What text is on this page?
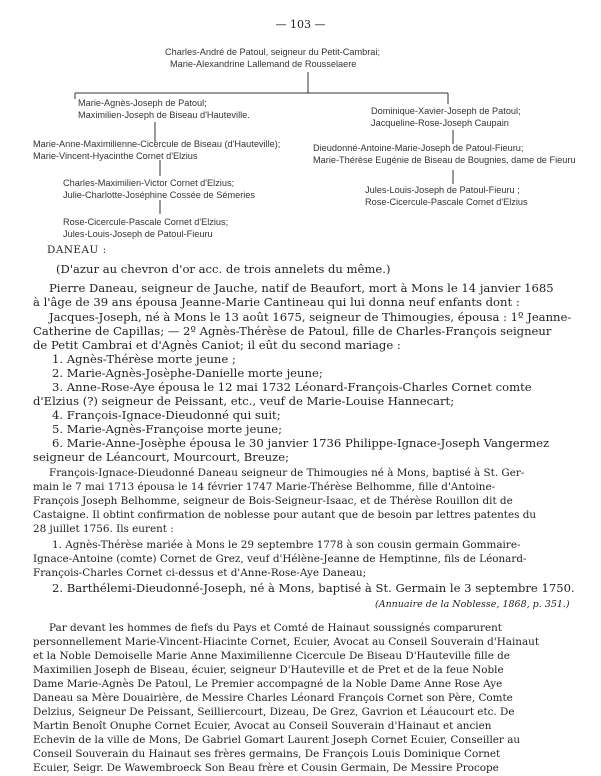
— 103 —
Charles-André de Patoul, seigneur du Petit-Cambrai;
Marie-Alexandrine Lallemand de Rousselaere
Marie-Agnès-Joseph de Patoul;
Maximilien-Joseph de Biseau d'Hauteville.
Marie-Anne-Maximilienne-Cicercule de Biseau (d'Hauteville);
Marie-Vincent-Hyacinthe Cornet d'Elzius
Charles-Maximilien-Victor Cornet d'Elzius;
Julie-Charlotte-Joséphine Cossée de Sémeries
Rose-Cicercule-Pascale Cornet d'Elzius;
Jules-Louis-Joseph de Patoul-Fieuru
Dominique-Xavier-Joseph de Patoul;
Jacqueline-Rose-Joseph Caupain
Dieudonné-Antoine-Marie-Joseph de Patoul-Fieuru;
Marie-Thérèse Eugénie de Biseau de Bougnies, dame de Fieuru
Jules-Louis-Joseph de Patoul-Fieuru ;
Rose-Cicercule-Pascale Cornet d'Elzius
DANEAU :
(D'azur au chevron d'or acc. de trois annelets du même.)
Pierre Daneau, seigneur de Jauche, natif de Beaufort, mort à Mons le 14 janvier 1685
à l'âge de 39 ans épousa Jeanne-Marie Cantineau qui lui donna neuf enfants dont :
Jacques-Joseph, né à Mons le 13 août 1675, seigneur de Thimougies, épousa : 1º Jeanne-
Catherine de Capillas; — 2º Agnès-Thérèse de Patoul, fille de Charles-François seigneur
de Petit Cambrai et d'Agnès Caniot; il eût du second mariage :
1. Agnès-Thérèse morte jeune ;
2. Marie-Agnès-Josèphe-Danielle morte jeune;
3. Anne-Rose-Aye épousa le 12 mai 1732 Léonard-François-Charles Cornet comte
d'Elzius (?) seigneur de Peissant, etc., veuf de Marie-Louise Hannecart;
4. François-Ignace-Dieudonné qui suit;
5. Marie-Agnès-Françoise morte jeune;
6. Marie-Anne-Josèphe épousa le 30 janvier 1736 Philippe-Ignace-Joseph Vangermez
seigneur de Léancourt, Mourcourt, Breuze;
François-Ignace-Dieudonné Daneau seigneur de Thimougies né à Mons, baptisé à St. Ger-
main le 7 mai 1713 épousa le 14 février 1747 Marie-Thérèse Belhomme, fille d'Antoine-
François Joseph Belhomme, seigneur de Bois-Seigneur-Isaac, et de Thérèse Rouillon dit de
Castaigne. Il obtint confirmation de noblesse pour autant que de besoin par lettres patentes du
28 juillet 1756. Ils eurent :
1. Agnès-Thérèse mariée à Mons le 29 septembre 1778 à son cousin germain Gommaire-
Ignace-Antoine (comte) Cornet de Grez, veuf d'Hélène-Jeanne de Hemptinne, fils de Léonard-
François-Charles Cornet ci-dessus et d'Anne-Rose-Aye Daneau;
2. Barthélemi-Dieudonné-Joseph, né à Mons, baptisé à St. Germain le 3 septembre 1750.
(Annuaire de la Noblesse, 1868, p. 351.)
Par devant les hommes de fiefs du Pays et Comté de Hainaut soussignés comparurent
personnellement Marie-Vincent-Hiacinte Cornet, Ecuier, Avocat au Conseil Souverain d'Hainaut
et la Noble Demoiselle Marie Anne Maximilienne Cicercule De Biseau D'Hauteville fille de
Maximilien Joseph de Biseau, écuier, seigneur D'Hauteville et de Pret et de la feue Noble
Dame Marie-Agnès De Patoul, Le Premier accompagné de la Noble Dame Anne Rose Aye
Daneau sa Mère Douairière, de Messire Charles Léonard François Cornet son Père, Comte
Delzius, Seigneur De Peissant, Seilliercourt, Dizeau, De Grez, Gavrion et Léaucourt etc. De
Martin Benoît Onuphe Cornet Ecuier, Avocat au Conseil Souverain d'Hainaut et ancien
Echevin de la ville de Mons, De Gabriel Gomart Laurent Joseph Cornet Ecuier, Conseiller au
Conseil Souverain du Hainaut ses frères germains, De François Louis Dominique Cornet
Ecuier, Seigr. De Wawembroeck Son Beau frère et Cousin Germain, De Messire Procope
